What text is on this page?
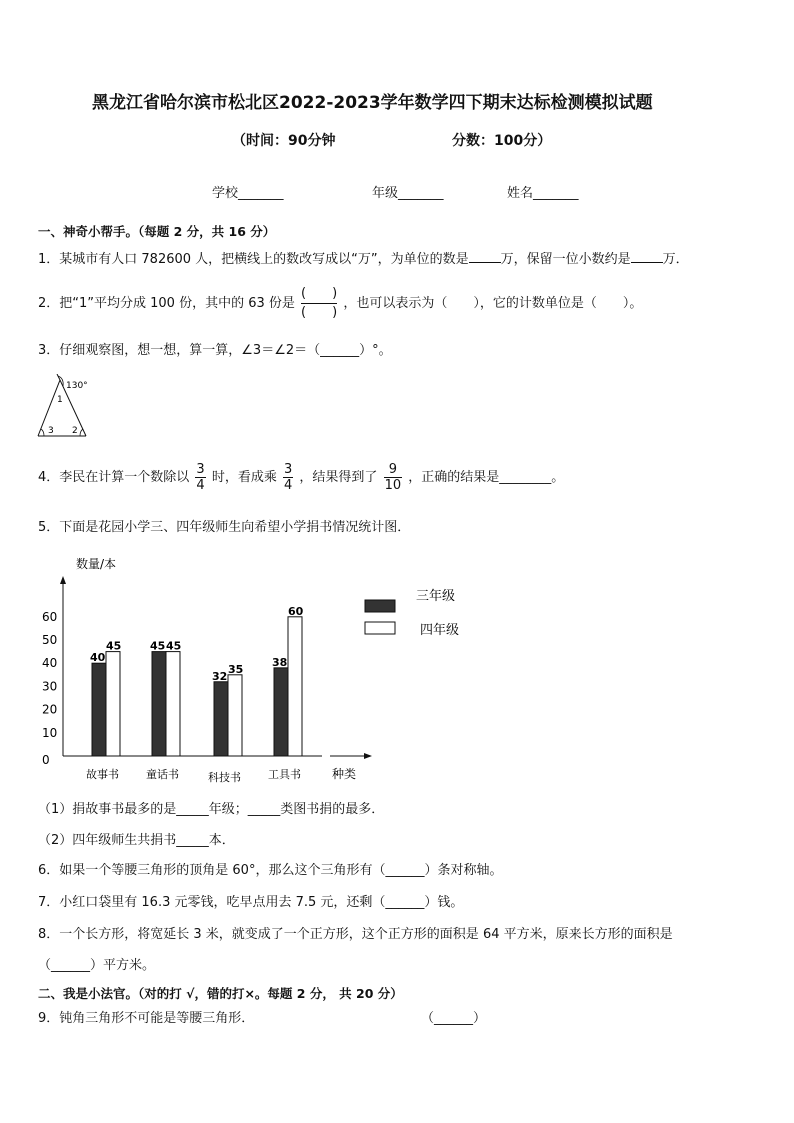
黑龙江省哈尔滨市松北区2022-2023学年数学四下期末达标检测模拟试题
（时间：90分钟	分数：100分）
学校_______	年级_______	姓名_______
一、神奇小帮手。（每题 2 分，共 16 分）
1．某城市有人口 782600 人，把横线上的数改写成以“万”，为单位的数是 万，保留一位小数约是 万．
2．把“1”平均分成 100 份，其中的 63 份是 $\frac{( )}{( )}$ ，也可以表示为（　　），它的计数单位是（　　）。
3．仔细观察图，想一想，算一算，∠3＝∠2＝（______）°。
130°
1
3 2
4．李民在计算一个数除以 $\frac{3}{4}$ 时，看成乘 $\frac{3}{4}$ ，结果得到了 $\frac{9}{10}$ ，正确的结果是________。
5．下面是花园小学三、四年级师生向希望小学捐书情况统计图．
数量/本
种类
0
10
20
30
40
50
60
40
45
故事书
45 45
童话书
32
35
科技书
38
60
工具书
三年级
四年级
（1）捐故事书最多的是_____年级；_____类图书捐的最多．
（2）四年级师生共捐书_____本．
6．如果一个等腰三角形的顶角是 60°，那么这个三角形有（______）条对称轴。
7．小红口袋里有 16.3 元零钱，吃早点用去 7.5 元，还剩（______）钱。
8．一个长方形，将宽延长 3 米，就变成了一个正方形，这个正方形的面积是 64 平方米，原来长方形的面积是
（______）平方米。
二、我是小法官。（对的打 √，错的打×。每题 2 分， 共 20 分）
9．钝角三角形不可能是等腰三角形．	（______）
